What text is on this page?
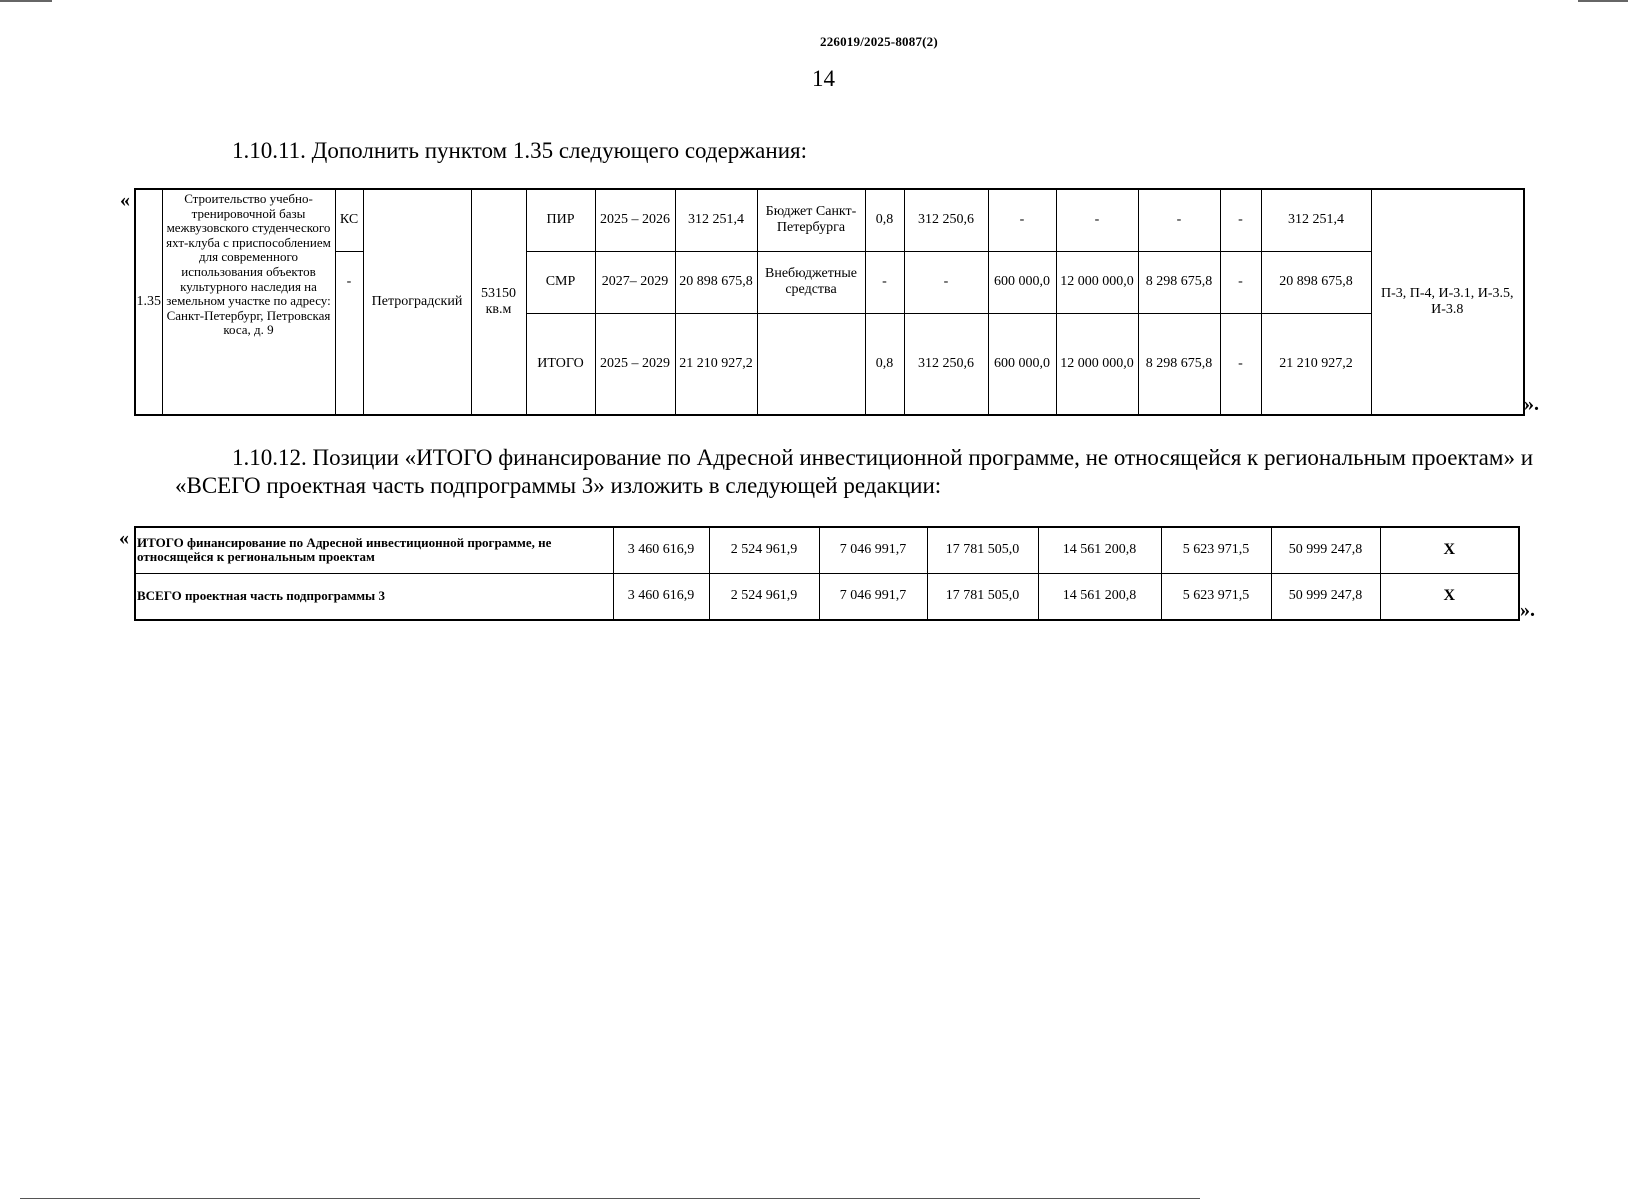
226019/2025-8087(2)
14
1.10.11. Дополнить пунктом 1.35 следующего содержания:
«
1.35	Строительство учебно-тренировочной базы межвузовского студенческого яхт-клуба с приспособлением для современного использования объектов культурного наследия на земельном участке по адресу: Санкт-Петербург, Петровская коса, д. 9	КС	Петроградский	53150 кв.м	ПИР	2025 – 2026	312 251,4	Бюджет Санкт-Петербурга	0,8	312 250,6	-	-	-	-	312 251,4	П-3, П-4, И-3.1, И-3.5, И-3.8
		-			СМР	2027– 2029	20 898 675,8	Внебюджетные средства	-	-	600 000,0	12 000 000,0	8 298 675,8	-	20 898 675,8	
					ИТОГО	2025 – 2029	21 210 927,2		0,8	312 250,6	600 000,0	12 000 000,0	8 298 675,8	-	21 210 927,2	
».
1.10.12. Позиции «ИТОГО финансирование по Адресной инвестиционной программе, не относящейся к региональным проектам» и «ВСЕГО проектная часть подпрограммы 3» изложить в следующей редакции:
« ИТОГО финансирование по Адресной инвестиционной программе, не относящейся к региональным проектам	3 460 616,9	2 524 961,9	7 046 991,7	17 781 505,0	14 561 200,8	5 623 971,5	50 999 247,8	X
ВСЕГО проектная часть подпрограммы 3	3 460 616,9	2 524 961,9	7 046 991,7	17 781 505,0	14 561 200,8	5 623 971,5	50 999 247,8	X
».
